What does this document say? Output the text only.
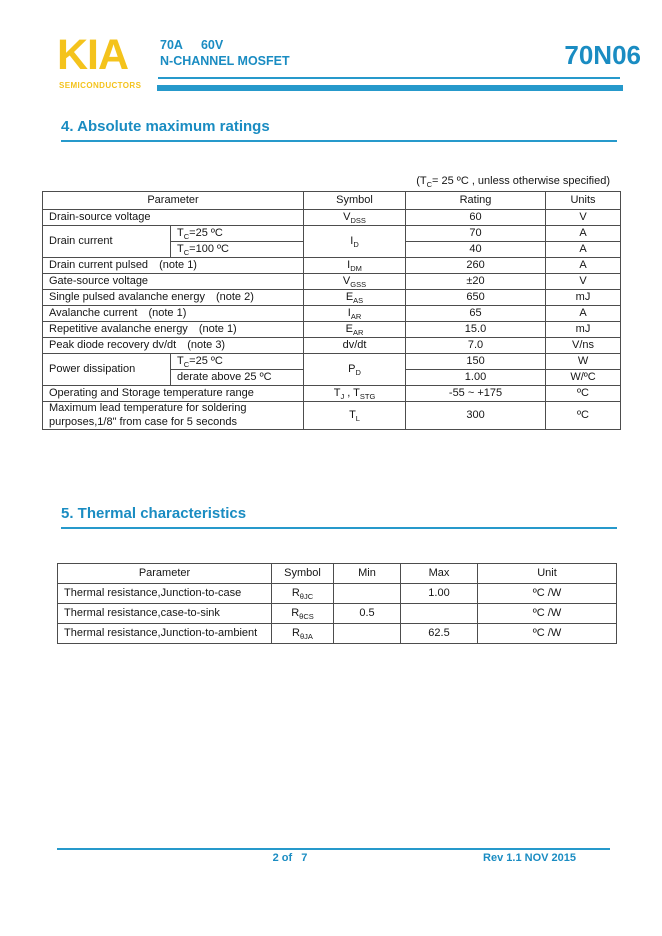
KIA
SEMICONDUCTORS
70A 60V
N-CHANNEL MOSFET	70N06
4. Absolute maximum ratings
($T_C= 25$ ºC , unless otherwise specified)
Parameter		Symbol	Rating	Units
Drain-source voltage		$V_{DSS}$	60	V
Drain current	$T_C=25$ ºC	$I_D$	70	A
	$T_C=100$ ºC		40	A
Drain current pulsed (note 1)		$I_{DM}$	260	A
Gate-source voltage		$V_{GSS}$	±20	V
Single pulsed avalanche energy (note 2)		$E_{AS}$	650	mJ
Avalanche current (note 1)		$I_{AR}$	65	A
Repetitive avalanche energy (note 1)		$E_{AR}$	15.0	mJ
Peak diode recovery dv/dt (note 3)		dv/dt	7.0	V/ns
Power dissipation	$T_C=25$ ºC	$P_D$	150	W
	derate above 25 ºC		1.00	W/ºC
Operating and Storage temperature range		$T_J$ , $T_{STG}$	-55 ~ +175	ºC

Maximum lead temperature for soldering
purposes,1/8" from case for 5 seconds		$T_L$	300	ºC
5. Thermal characteristics
Parameter	Symbol	Min	Max	Unit
Thermal resistance,Junction-to-case	$R_{\theta JC}$		1.00	ºC /W
Thermal resistance,case-to-sink	$R_{\theta CS}$	0.5		ºC /W
Thermal resistance,Junction-to-ambient	$R_{\theta JA}$		62.5	ºC /W
2 of   7	Rev 1.1 NOV 2015
